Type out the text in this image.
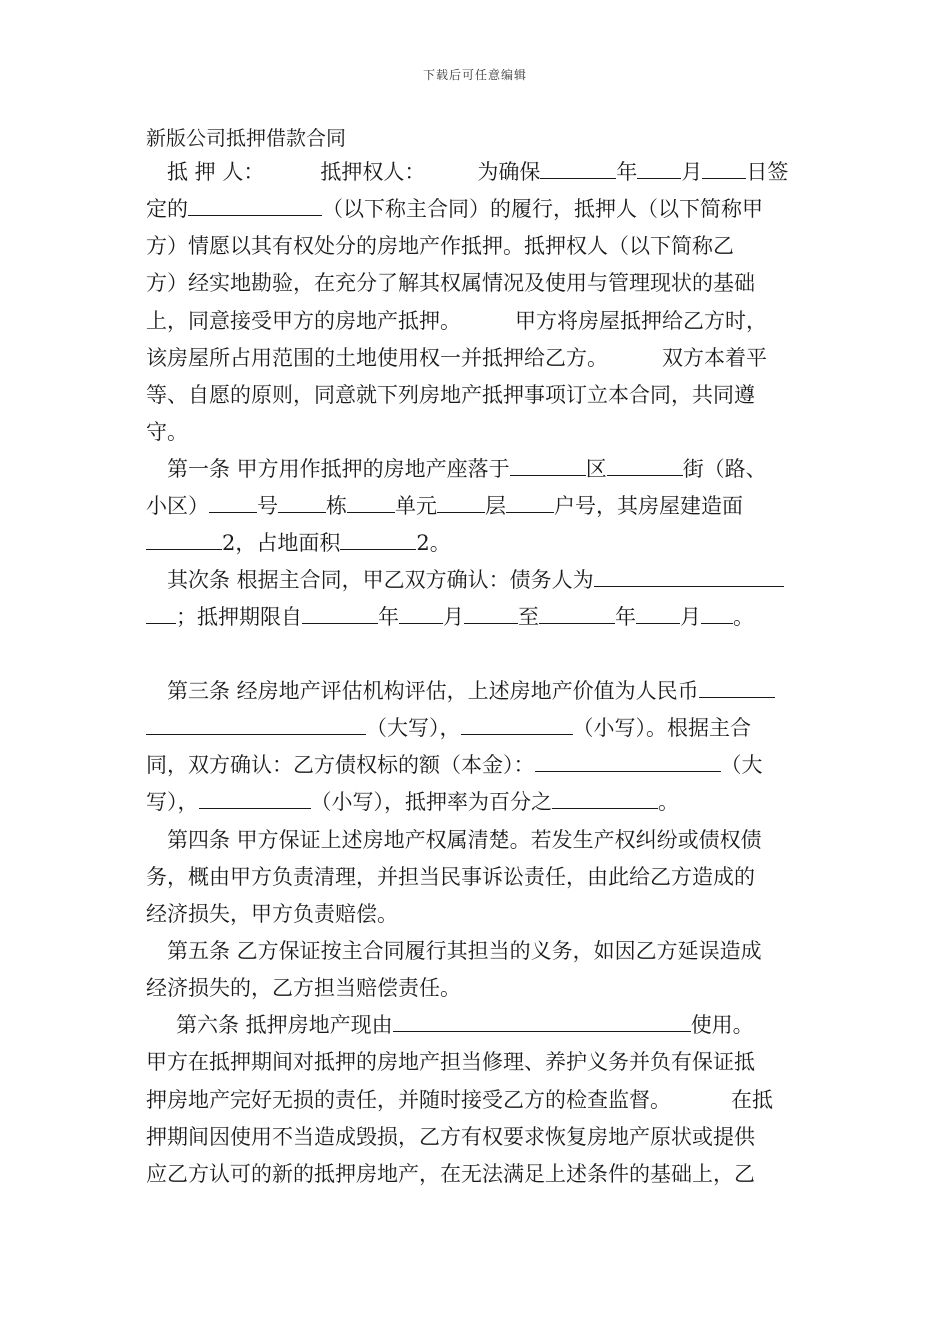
下载后可任意编辑
新版公司抵押借款合同
抵 押 人：	抵押权人： 为确保	年 月 日签
定的	（以下称主合同）的履行，抵押人（以下简称甲
方）情愿以其有权处分的房地产作抵押。抵押权人（以下简称乙
方）经实地勘验，在充分了解其权属情况及使用与管理现状的基础
上，同意接受甲方的房地产抵押。	甲方将房屋抵押给乙方时，
该房屋所占用范围的土地使用权一并抵押给乙方。	双方本着平
等、自愿的原则，同意就下列房地产抵押事项订立本合同，共同遵
守。
第一条 甲方用作抵押的房地产座落于	区	街（路、
小区） 号 栋 单元 层 户号，其房屋建造面
2，占地面积	2。
其次条 根据主合同，甲乙双方确认：债务人为
；抵押期限自	年 月	至	年 月 。
第三条 经房地产评估机构评估，上述房地产价值为人民币
（大写），	（小写）。根据主合
同，双方确认：乙方债权标的额（本金）：	（大
写），	（小写），抵押率为百分之	。
第四条 甲方保证上述房地产权属清楚。若发生产权纠纷或债权债
务，概由甲方负责清理，并担当民事诉讼责任，由此给乙方造成的
经济损失，甲方负责赔偿。
第五条 乙方保证按主合同履行其担当的义务，如因乙方延误造成
经济损失的，乙方担当赔偿责任。
第六条 抵押房地产现由	使用。
甲方在抵押期间对抵押的房地产担当修理、养护义务并负有保证抵
押房地产完好无损的责任，并随时接受乙方的检查监督。	在抵
押期间因使用不当造成毁损，乙方有权要求恢复房地产原状或提供
应乙方认可的新的抵押房地产，在无法满足上述条件的基础上，乙
